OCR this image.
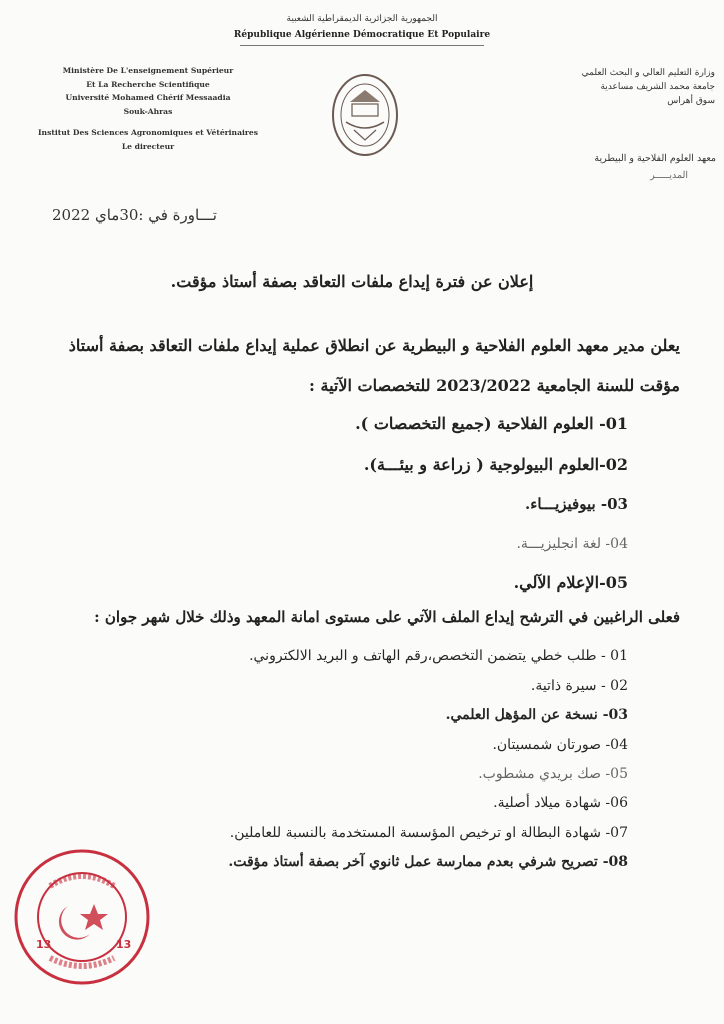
الجمهورية الجزائرية الديمقراطية الشعبية
République Algérienne Démocratique Et Populaire
Ministère De L'enseignement Supérieur
Et La Recherche Scientifique
Université Mohamed Chérif Messaadia
Souk-Ahras
Institut Des Sciences Agronomiques et Vétérinaires
Le directeur
وزارة التعليم العالي و البحث العلمي
جامعة محمد الشريف مساعدية
سوق أهراس
معهد العلوم الفلاحية و البيطرية
المديـــــر
تـــاورة في :30ماي 2022
إعلان عن فترة إيداع ملفات التعاقد بصفة أستاذ مؤقت.
يعلن مدير معهد العلوم الفلاحية و البيطرية عن انطلاق عملية إيداع ملفات التعاقد بصفة أستاذ
مؤقت للسنة الجامعية 2023/2022 للتخصصات الآتية :
01- العلوم الفلاحية (جميع التخصصات ).
02-العلوم البيولوجية ( زراعة و بيئـــة).
03- بيوفيزيـــاء.
04- لغة انجليزيـــة.
05-الإعلام الآلي.
فعلى الراغبين في الترشح إيداع الملف الآتي على مستوى امانة المعهد وذلك خلال شهر جوان :
01 - طلب خطي يتضمن التخصص،رقم الهاتف و البريد الالكتروني.
02 - سيرة ذاتية.
03- نسخة عن المؤهل العلمي.
04- صورتان شمسيتان.
05- صك بريدي مشطوب.
06- شهادة ميلاد أصلية.
07- شهادة البطالة او ترخيص المؤسسة المستخدمة بالنسبة للعاملين.
08- تصريح شرفي بعدم ممارسة عمل ثانوي آخر بصفة أستاذ مؤقت.
13	13
